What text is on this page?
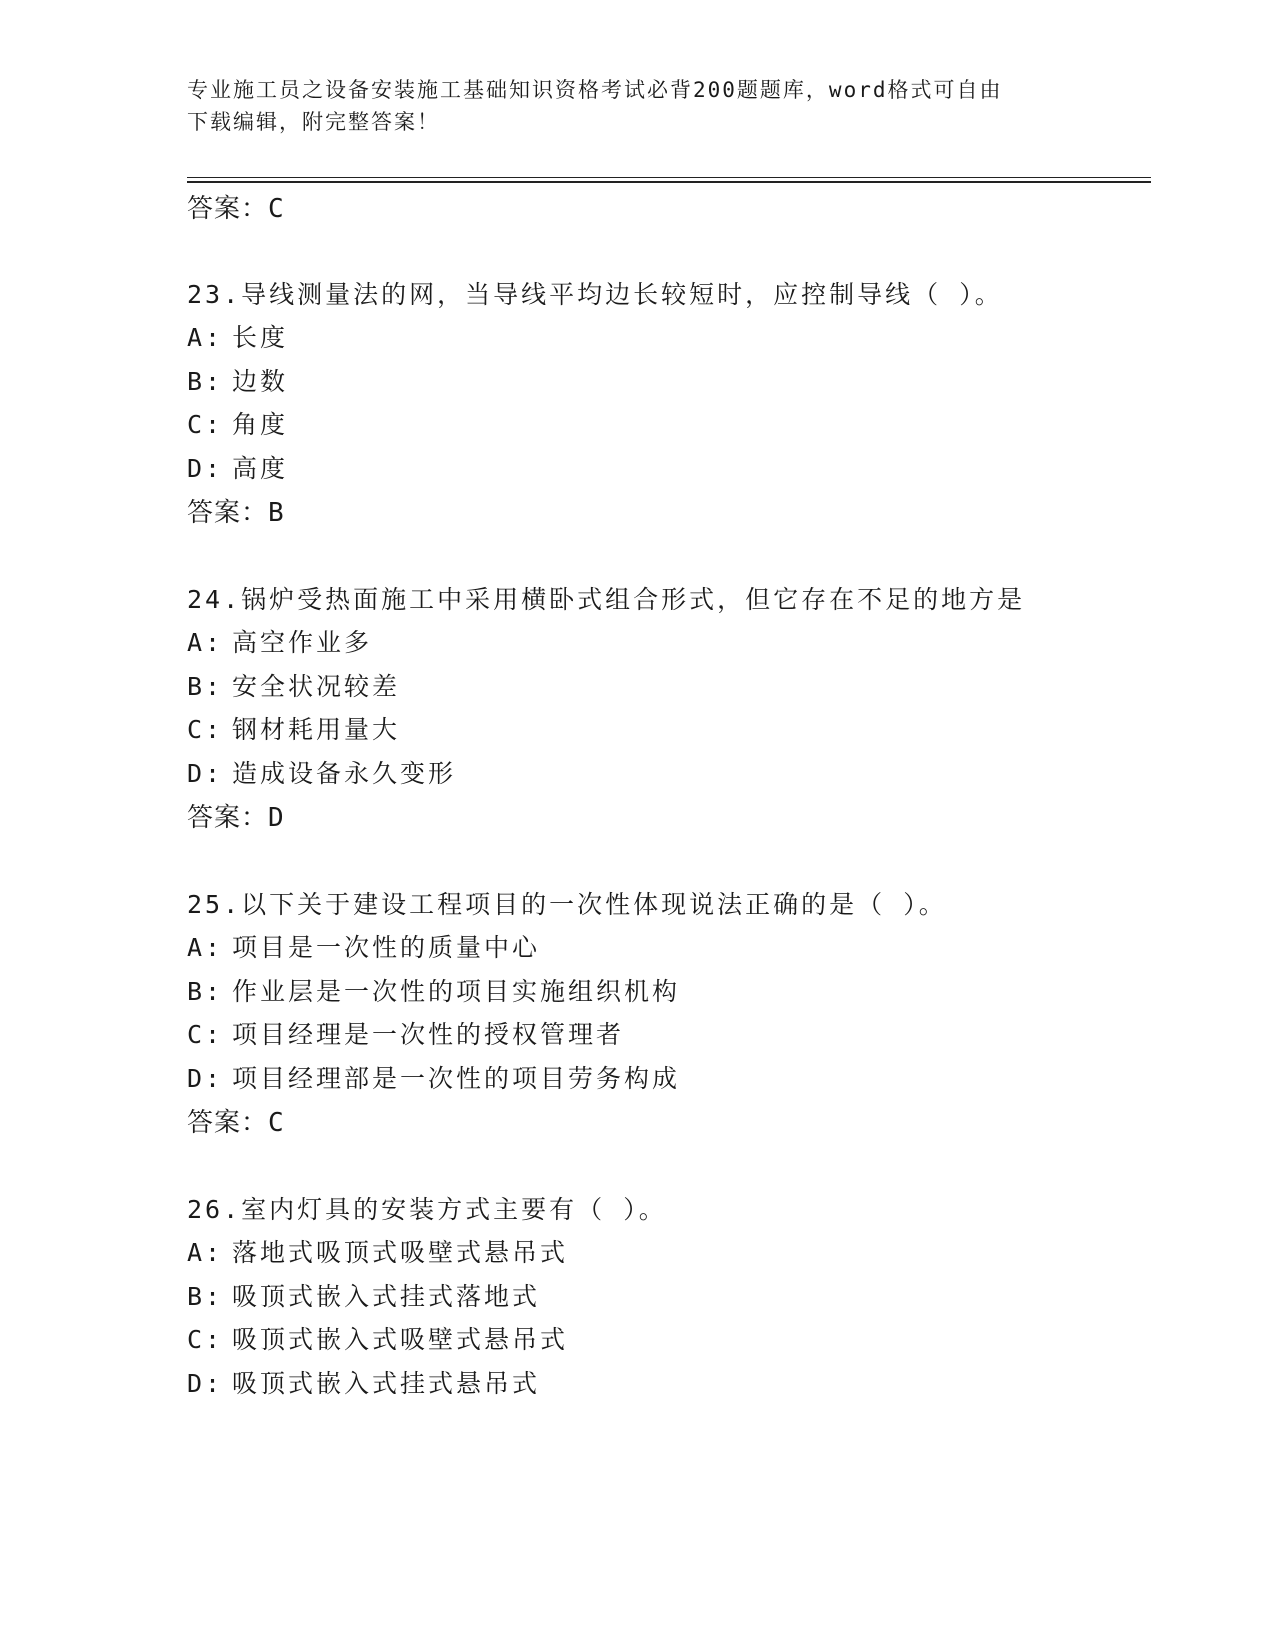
专业施工员之设备安装施工基础知识资格考试必背200题题库，word格式可自由
下载编辑，附完整答案！
答案：C
23.导线测量法的网，当导线平均边长较短时，应控制导线（ ）。
A: 长度
B: 边数
C: 角度
D: 高度
答案：B
24.锅炉受热面施工中采用横卧式组合形式，但它存在不足的地方是
A: 高空作业多
B: 安全状况较差
C: 钢材耗用量大
D: 造成设备永久变形
答案：D
25.以下关于建设工程项目的一次性体现说法正确的是（ ）。
A: 项目是一次性的质量中心
B: 作业层是一次性的项目实施组织机构
C: 项目经理是一次性的授权管理者
D: 项目经理部是一次性的项目劳务构成
答案：C
26.室内灯具的安装方式主要有（ ）。
A: 落地式吸顶式吸壁式悬吊式
B: 吸顶式嵌入式挂式落地式
C: 吸顶式嵌入式吸壁式悬吊式
D: 吸顶式嵌入式挂式悬吊式
